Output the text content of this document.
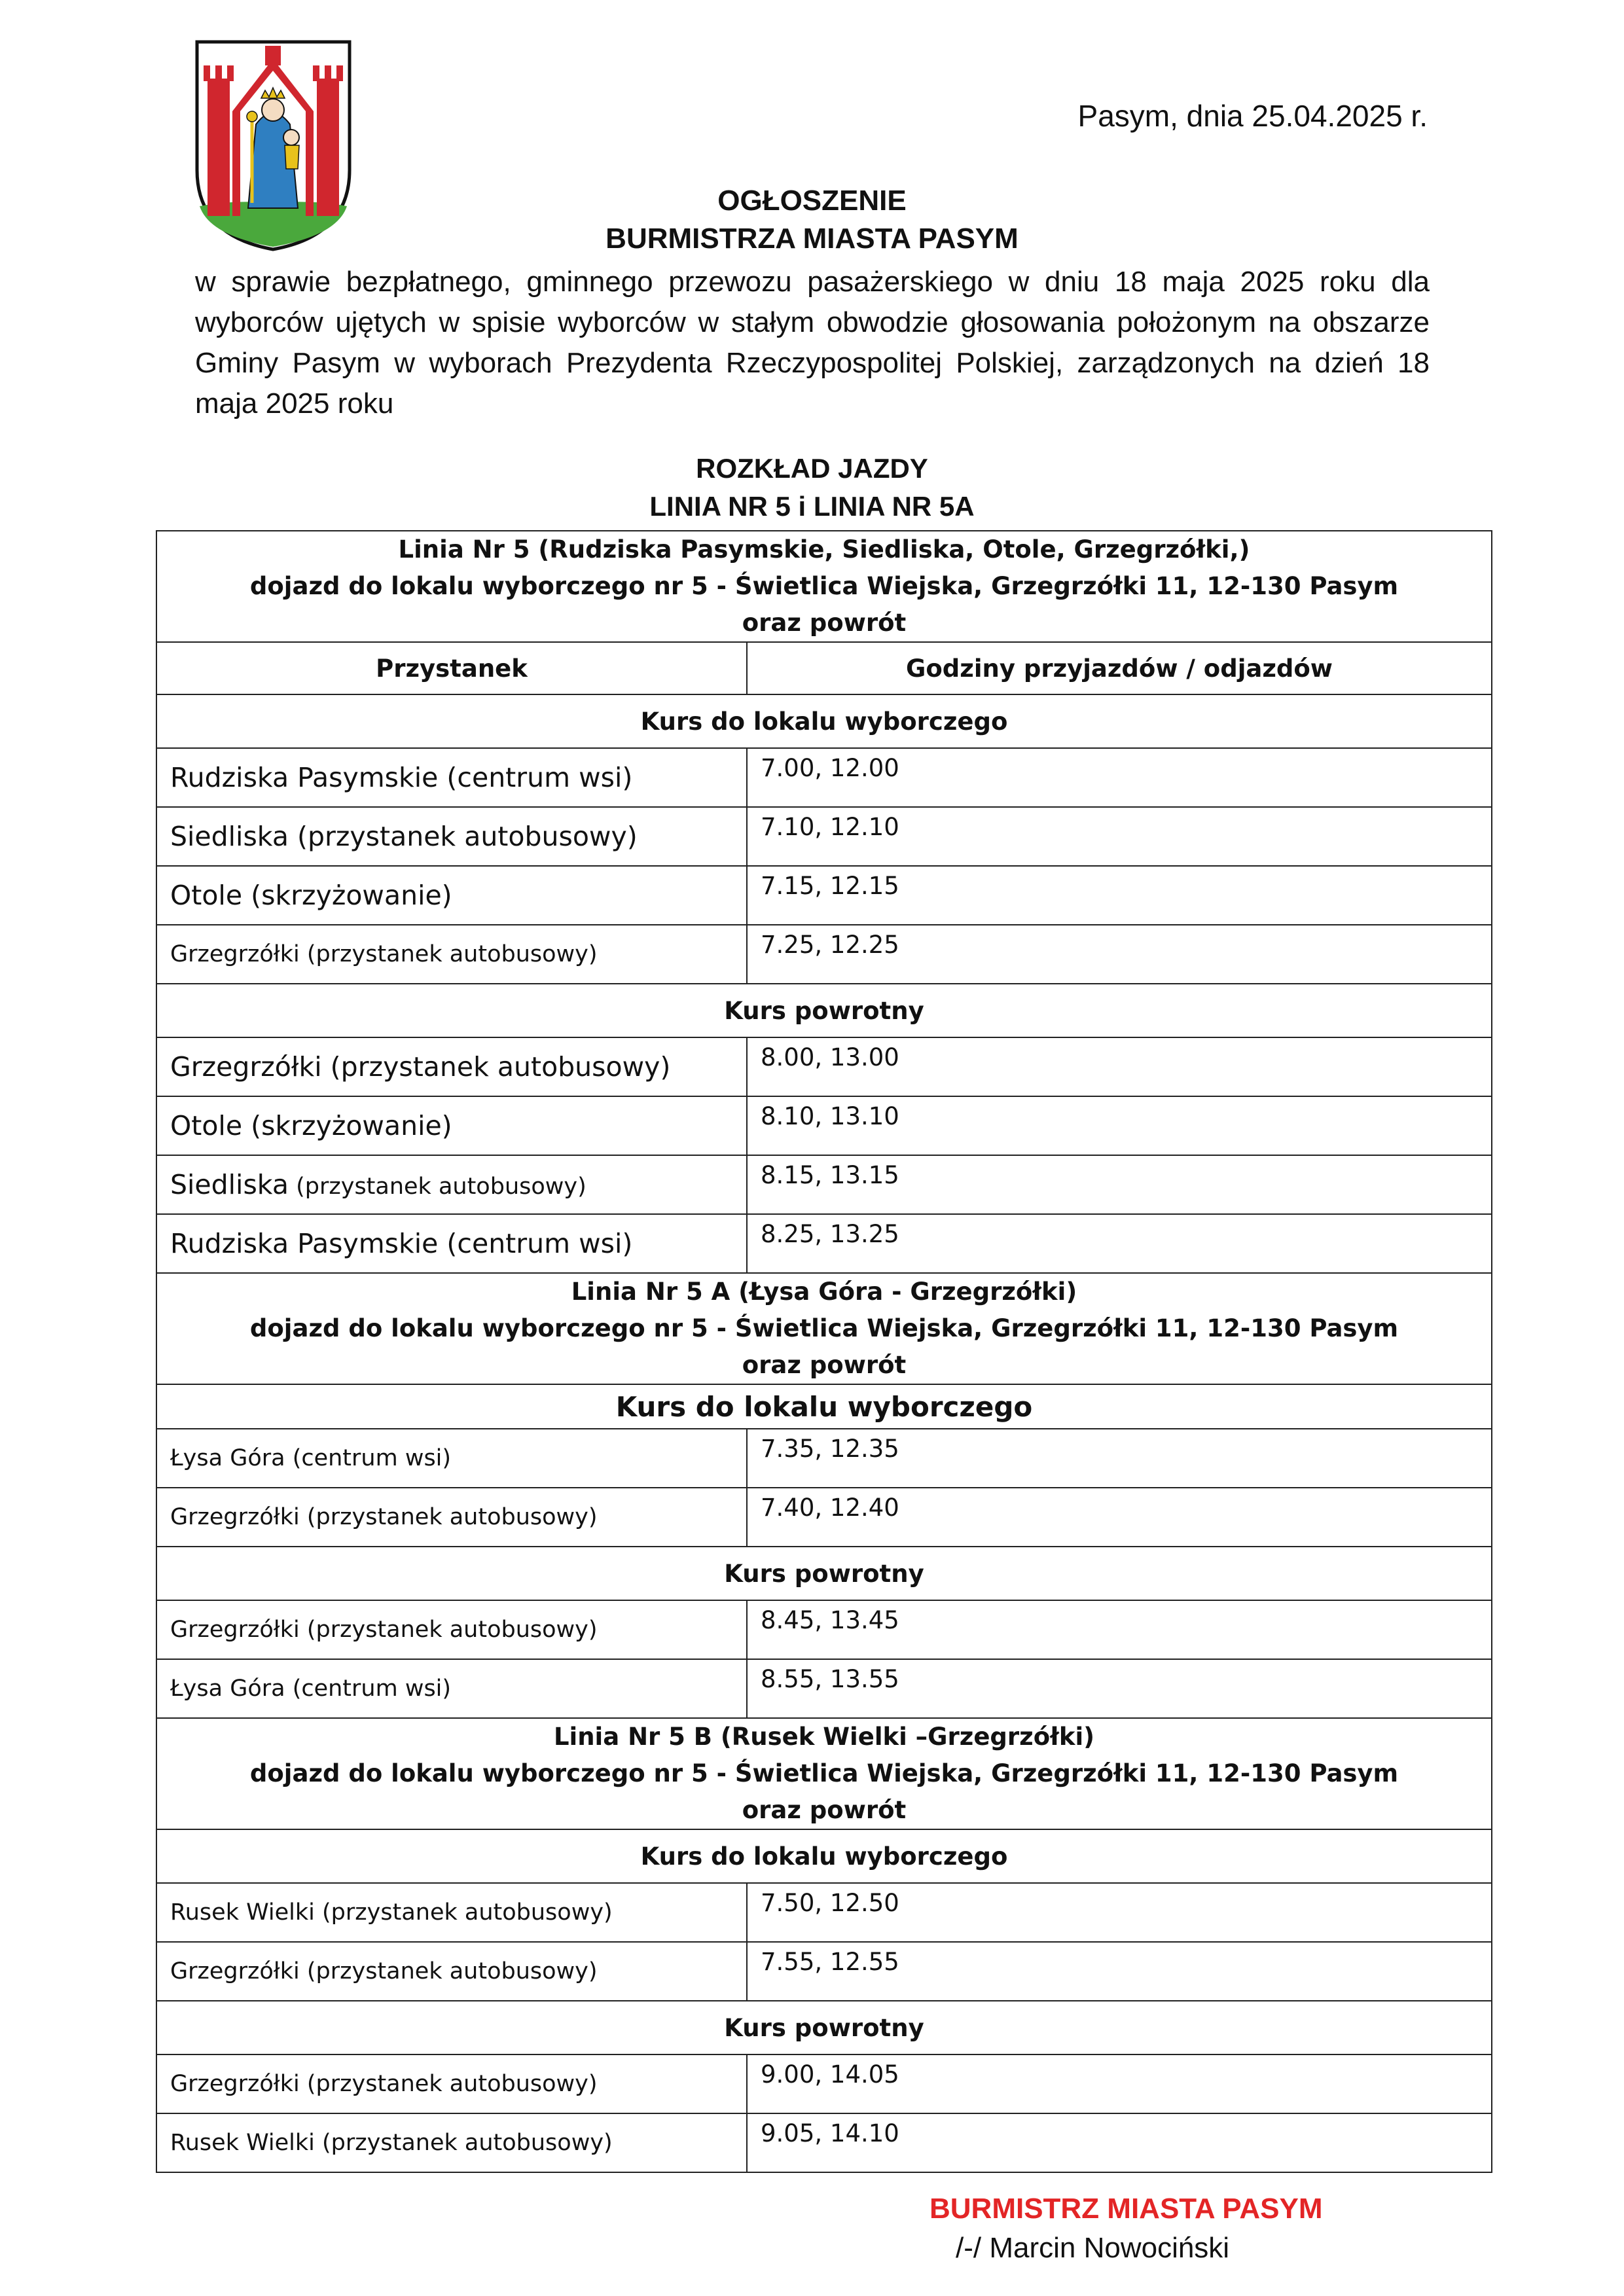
Pasym, dnia 25.04.2025 r.
OGŁOSZENIE
BURMISTRZA MIASTA PASYM
w sprawie bezpłatnego, gminnego przewozu pasażerskiego w dniu 18 maja 2025 roku dla wyborców ujętych w spisie wyborców w stałym obwodzie głosowania położonym na obszarze Gminy Pasym w wyborach Prezydenta Rzeczypospolitej Polskiej, zarządzonych na dzień 18 maja 2025 roku
ROZKŁAD JAZDY
LINIA NR 5 i LINIA NR 5A
Linia Nr 5 (Rudziska Pasymskie, Siedliska, Otole, Grzegrzółki,)
dojazd do lokalu wyborczego nr 5 - Świetlica Wiejska, Grzegrzółki 11, 12-130 Pasym
oraz powrót	

Przystanek	Godziny przyjazdów / odjazdów
Kurs do lokalu wyborczego	
Rudziska Pasymskie (centrum wsi)	7.00, 12.00
Siedliska (przystanek autobusowy)	7.10, 12.10
Otole (skrzyżowanie)	7.15, 12.15
Grzegrzółki (przystanek autobusowy)	7.25, 12.25
Kurs powrotny	
Grzegrzółki (przystanek autobusowy)	8.00, 13.00
Otole (skrzyżowanie)	8.10, 13.10
Siedliska (przystanek autobusowy)	8.15, 13.15
Rudziska Pasymskie (centrum wsi)	8.25, 13.25

Linia Nr 5 A (Łysa Góra - Grzegrzółki)
dojazd do lokalu wyborczego nr 5 - Świetlica Wiejska, Grzegrzółki 11, 12-130 Pasym
oraz powrót	

Kurs do lokalu wyborczego	
Łysa Góra (centrum wsi)	7.35, 12.35
Grzegrzółki (przystanek autobusowy)	7.40, 12.40
Kurs powrotny	
Grzegrzółki (przystanek autobusowy)	8.45, 13.45
Łysa Góra (centrum wsi)	8.55, 13.55

Linia Nr 5 B (Rusek Wielki –Grzegrzółki)
dojazd do lokalu wyborczego nr 5 - Świetlica Wiejska, Grzegrzółki 11, 12-130 Pasym
oraz powrót	

Kurs do lokalu wyborczego	
Rusek Wielki (przystanek autobusowy)	7.50, 12.50
Grzegrzółki (przystanek autobusowy)	7.55, 12.55
Kurs powrotny	
Grzegrzółki (przystanek autobusowy)	9.00, 14.05
Rusek Wielki (przystanek autobusowy)	9.05, 14.10
BURMISTRZ MIASTA PASYM
/-/ Marcin Nowociński
